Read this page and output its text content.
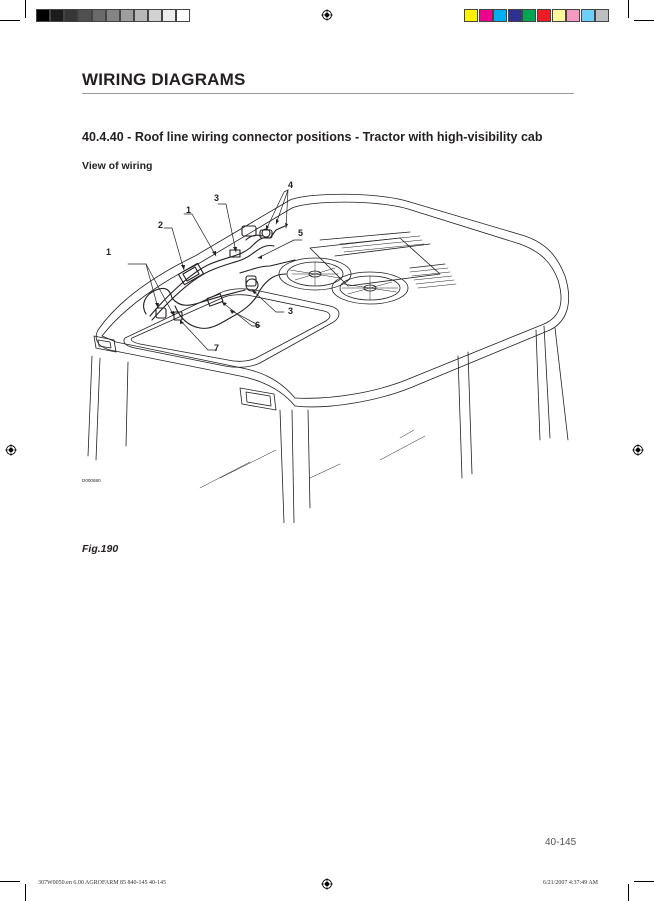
WIRING DIAGRAMS
40.4.40 - Roof line wiring connector positions - Tractor with high-visibility cab
View of wiring
1
1
2
3
3
4
5
6
7
D000680
Fig.190
40-145
307W0050.en 6.00 AGROFARM 85 840-145 40-145	6/21/2007 4:37:49 AM
